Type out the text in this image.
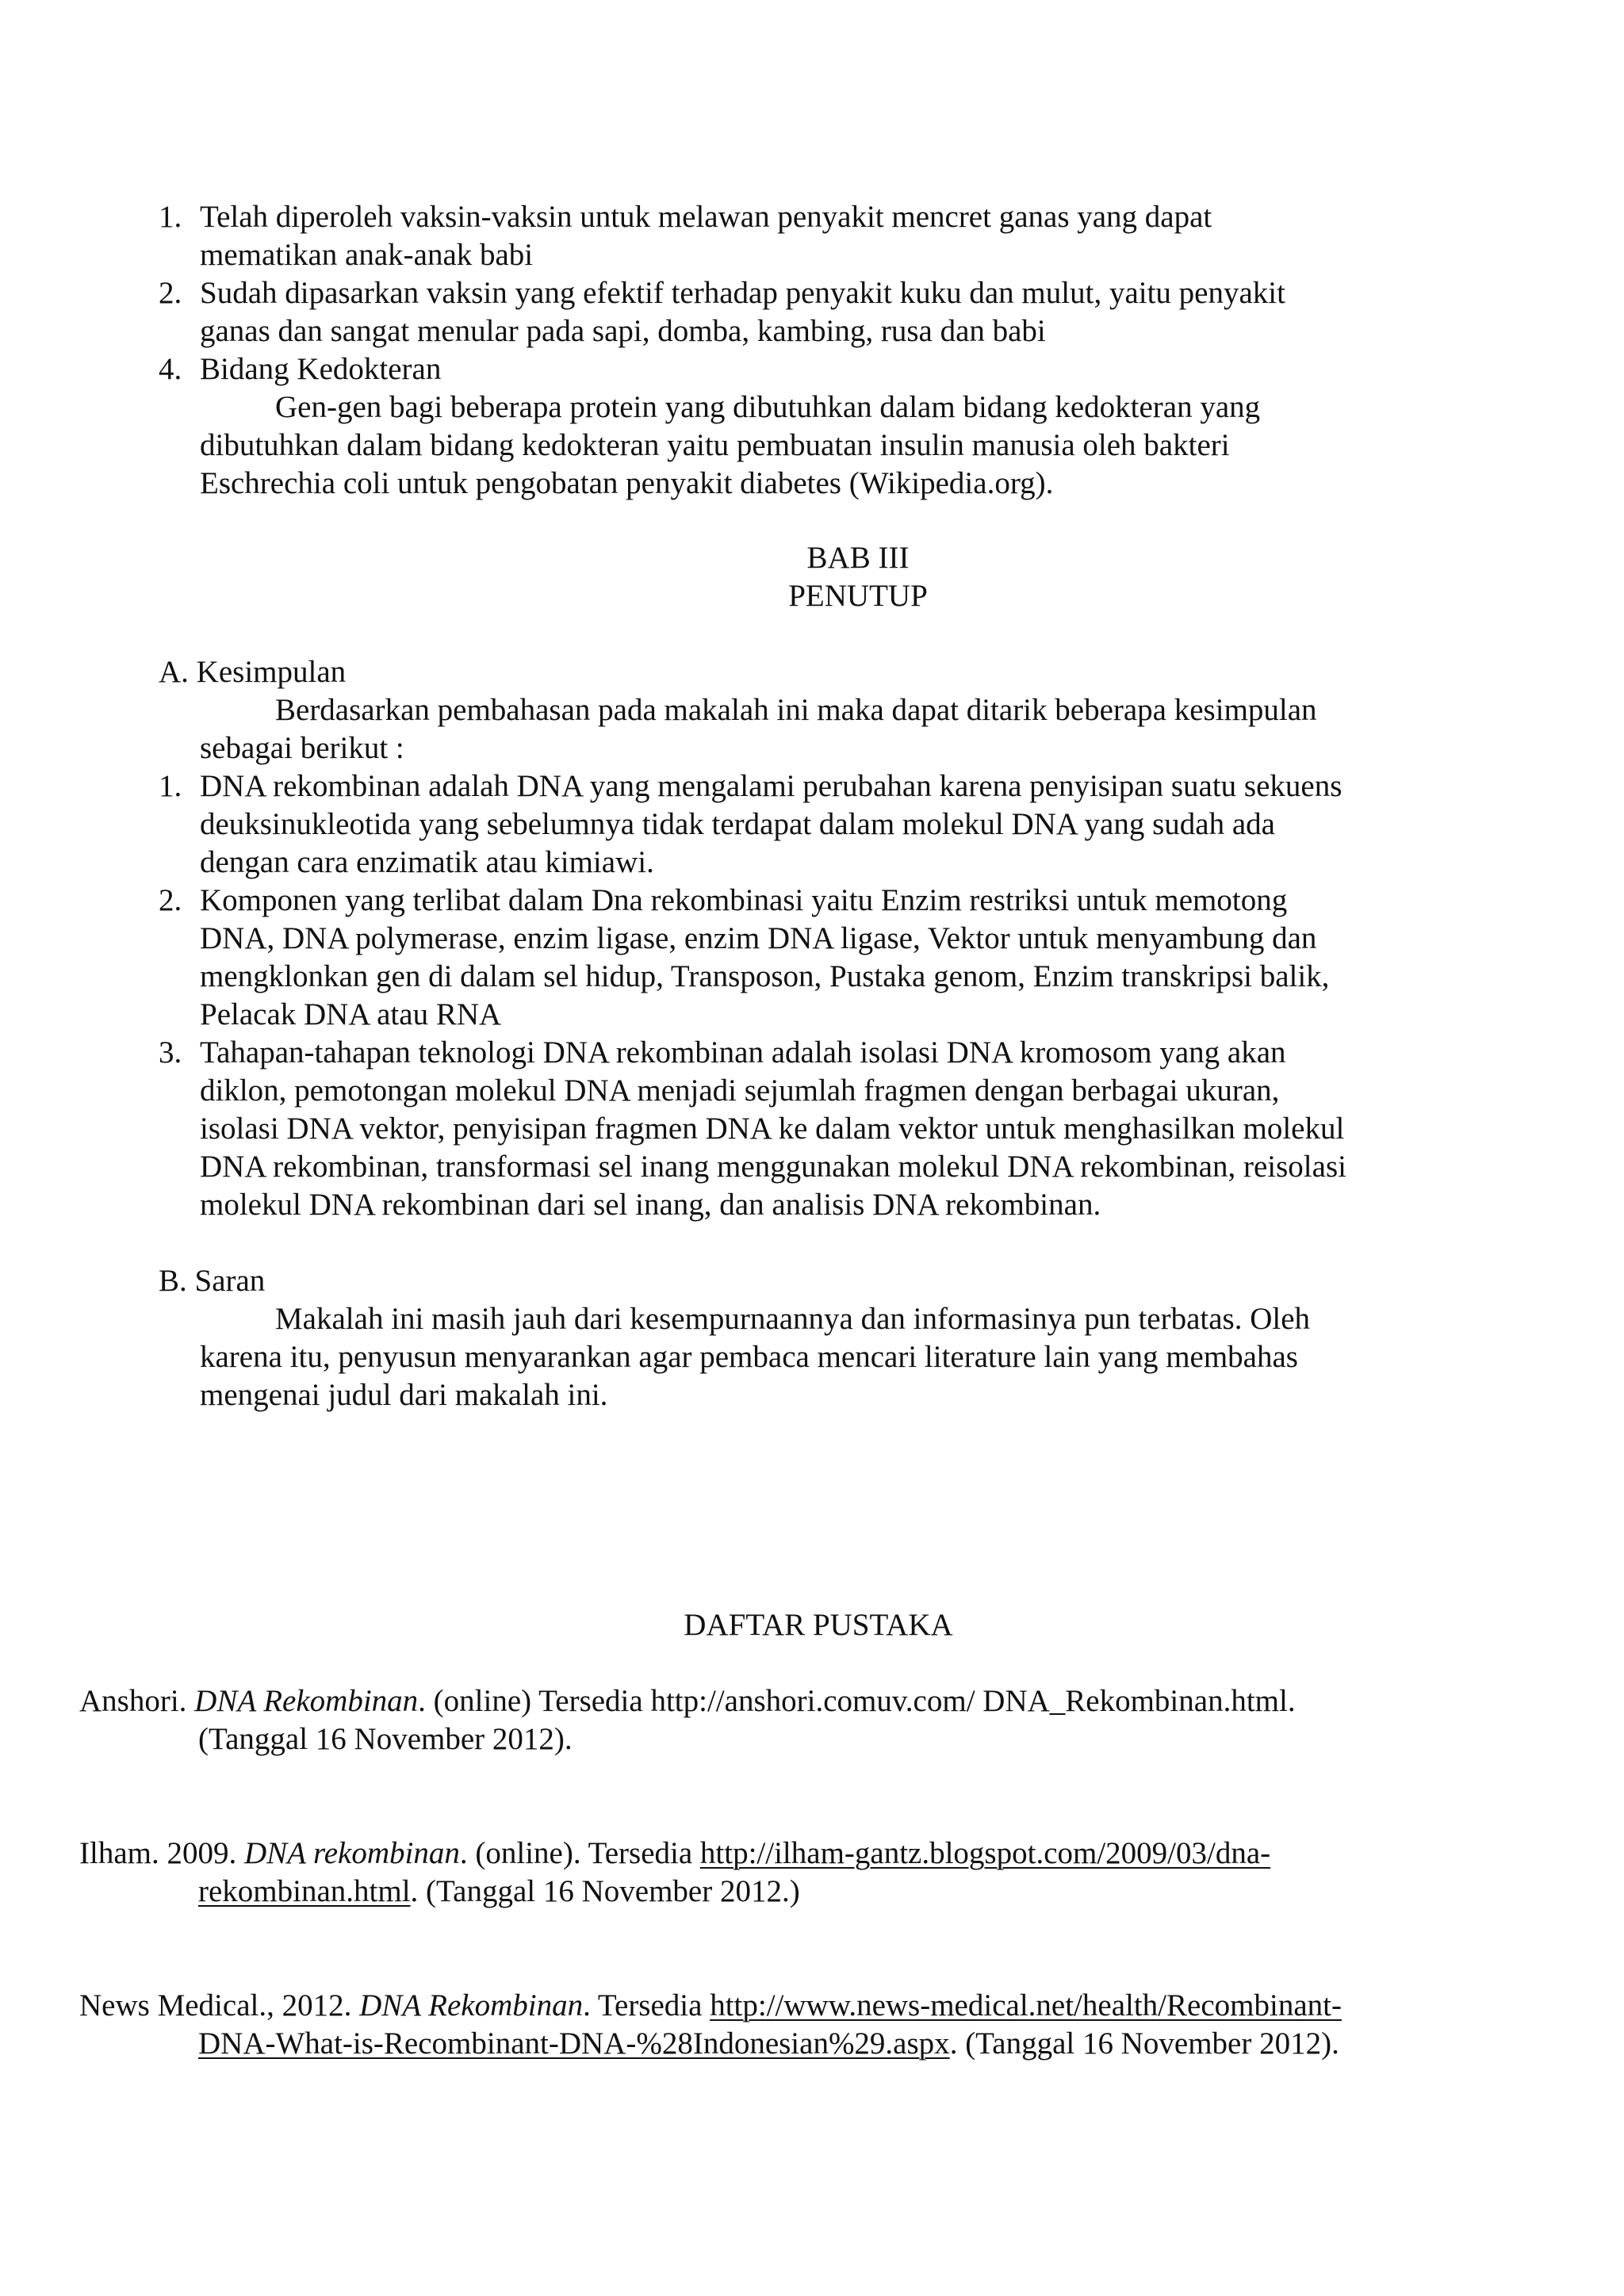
1. Telah diperoleh vaksin-vaksin untuk melawan penyakit mencret ganas yang dapat
mematikan anak-anak babi
2. Sudah dipasarkan vaksin yang efektif terhadap penyakit kuku dan mulut, yaitu penyakit
ganas dan sangat menular pada sapi, domba, kambing, rusa dan babi
4. Bidang Kedokteran
Gen-gen bagi beberapa protein yang dibutuhkan dalam bidang kedokteran yang
dibutuhkan dalam bidang kedokteran yaitu pembuatan insulin manusia oleh bakteri
Eschrechia coli untuk pengobatan penyakit diabetes (Wikipedia.org).
BAB III
PENUTUP
A. Kesimpulan
Berdasarkan pembahasan pada makalah ini maka dapat ditarik beberapa kesimpulan
sebagai berikut :
1. DNA rekombinan adalah DNA yang mengalami perubahan karena penyisipan suatu sekuens
deuksinukleotida yang sebelumnya tidak terdapat dalam molekul DNA yang sudah ada
dengan cara enzimatik atau kimiawi.
2. Komponen yang terlibat dalam Dna rekombinasi yaitu Enzim restriksi untuk memotong
DNA, DNA polymerase, enzim ligase, enzim DNA ligase, Vektor untuk menyambung dan
mengklonkan gen di dalam sel hidup, Transposon, Pustaka genom, Enzim transkripsi balik,
Pelacak DNA atau RNA
3. Tahapan-tahapan teknologi DNA rekombinan adalah isolasi DNA kromosom yang akan
diklon, pemotongan molekul DNA menjadi sejumlah fragmen dengan berbagai ukuran,
isolasi DNA vektor, penyisipan fragmen DNA ke dalam vektor untuk menghasilkan molekul
DNA rekombinan, transformasi sel inang menggunakan molekul DNA rekombinan, reisolasi
molekul DNA rekombinan dari sel inang, dan analisis DNA rekombinan.
B. Saran
Makalah ini masih jauh dari kesempurnaannya dan informasinya pun terbatas. Oleh
karena itu, penyusun menyarankan agar pembaca mencari literature lain yang membahas
mengenai judul dari makalah ini.
DAFTAR PUSTAKA
Anshori. DNA Rekombinan. (online) Tersedia http://anshori.comuv.com/ DNA_Rekombinan.html.
(Tanggal 16 November 2012).
Ilham. 2009. DNA rekombinan. (online). Tersedia http://ilham-gantz.blogspot.com/2009/03/dna-
rekombinan.html. (Tanggal 16 November 2012.)
News Medical., 2012. DNA Rekombinan. Tersedia http://www.news-medical.net/health/Recombinant-
DNA-What-is-Recombinant-DNA-%28Indonesian%29.aspx. (Tanggal 16 November 2012).
